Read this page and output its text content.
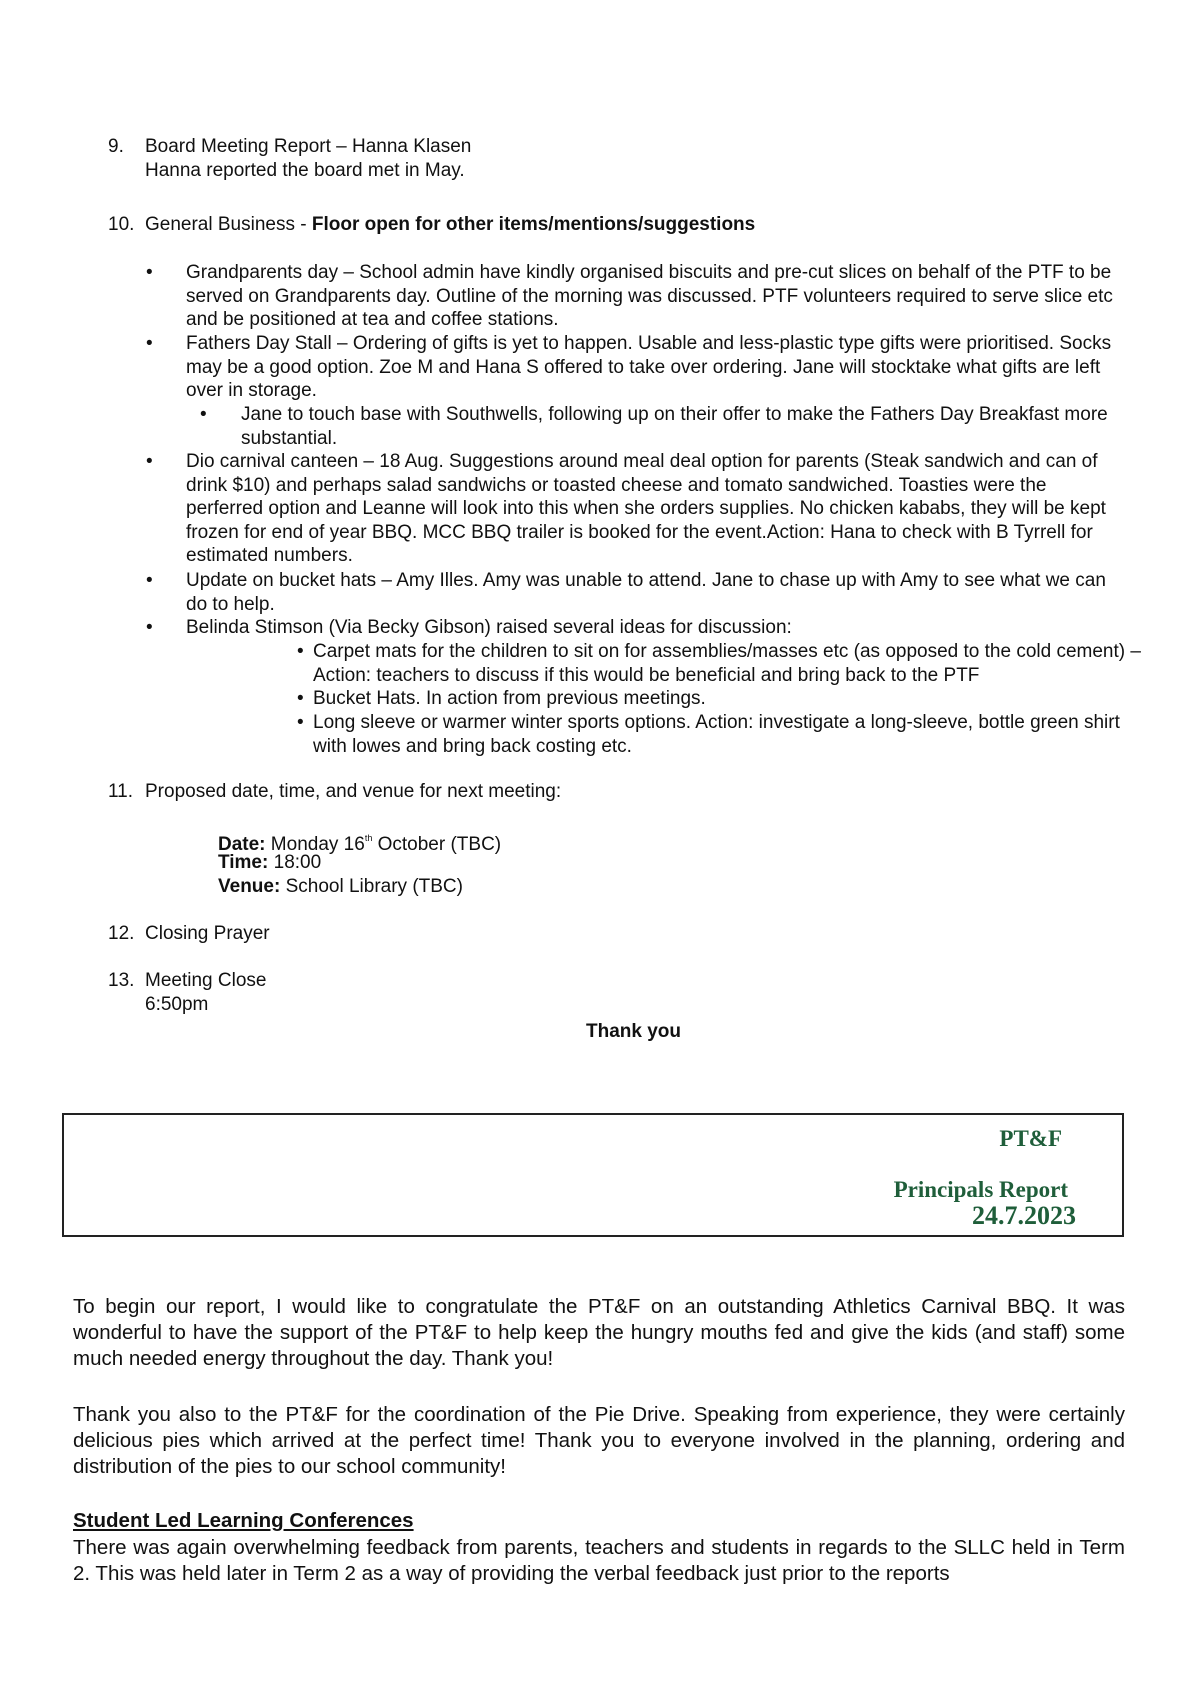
9. Board Meeting Report – Hanna Klasen
Hanna reported the board met in May.
10. General Business - Floor open for other items/mentions/suggestions
• Grandparents day – School admin have kindly organised biscuits and pre-cut slices on behalf of the PTF to be served on Grandparents day. Outline of the morning was discussed. PTF volunteers required to serve slice etc and be positioned at tea and coffee stations.
• Fathers Day Stall – Ordering of gifts is yet to happen. Usable and less-plastic type gifts were prioritised. Socks may be a good option. Zoe M and Hana S offered to take over ordering. Jane will stocktake what gifts are left over in storage.
• Jane to touch base with Southwells, following up on their offer to make the Fathers Day Breakfast more substantial.
• Dio carnival canteen – 18 Aug. Suggestions around meal deal option for parents (Steak sandwich and can of drink $10) and perhaps salad sandwichs or toasted cheese and tomato sandwiched. Toasties were the perferred option and Leanne will look into this when she orders supplies. No chicken kababs, they will be kept frozen for end of year BBQ. MCC BBQ trailer is booked for the event.Action: Hana to check with B Tyrrell for estimated numbers.
• Update on bucket hats – Amy Illes. Amy was unable to attend. Jane to chase up with Amy to see what we can do to help.
• Belinda Stimson (Via Becky Gibson) raised several ideas for discussion:
• Carpet mats for the children to sit on for assemblies/masses etc (as opposed to the cold cement) – Action: teachers to discuss if this would be beneficial and bring back to the PTF
• Bucket Hats. In action from previous meetings.
• Long sleeve or warmer winter sports options. Action: investigate a long-sleeve, bottle green shirt with lowes and bring back costing etc.
11. Proposed date, time, and venue for next meeting:
Date: Monday 16th October (TBC)
Time: 18:00
Venue: School Library (TBC)
12. Closing Prayer
13. Meeting Close
6:50pm
Thank you
PT&F
Principals Report
24.7.2023
To begin our report, I would like to congratulate the PT&F on an outstanding Athletics Carnival BBQ. It was wonderful to have the support of the PT&F to help keep the hungry mouths fed and give the kids (and staff) some much needed energy throughout the day. Thank you!
Thank you also to the PT&F for the coordination of the Pie Drive. Speaking from experience, they were certainly delicious pies which arrived at the perfect time! Thank you to everyone involved in the planning, ordering and distribution of the pies to our school community!
Student Led Learning Conferences
There was again overwhelming feedback from parents, teachers and students in regards to the SLLC held in Term 2. This was held later in Term 2 as a way of providing the verbal feedback just prior to the reports
